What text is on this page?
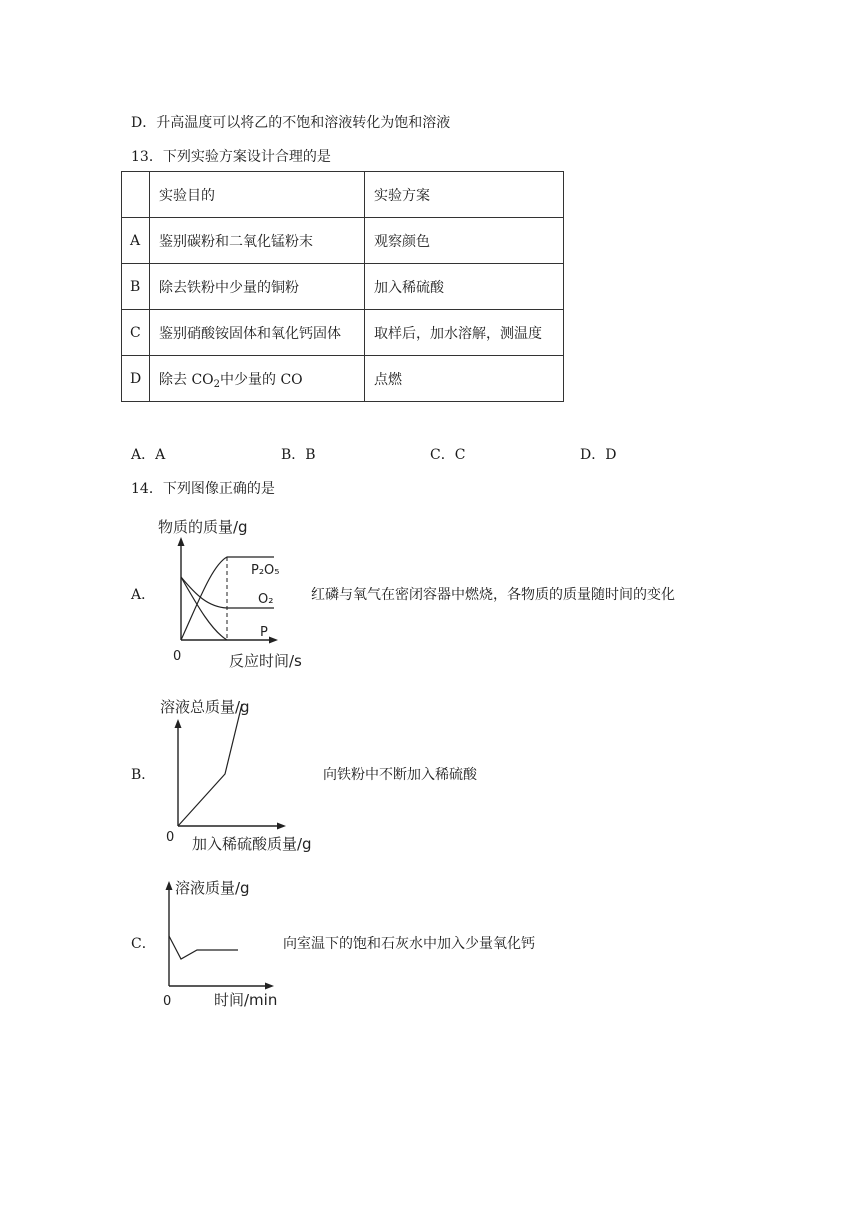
D．升高温度可以将乙的不饱和溶液转化为饱和溶液
13．下列实验方案设计合理的是
	实验目的	实验方案
A	鉴别碳粉和二氧化锰粉末	观察颜色
B	除去铁粉中少量的铜粉	加入稀硫酸
C	鉴别硝酸铵固体和氧化钙固体	取样后，加水溶解，测温度
D	除去 $CO_2$中少量的 CO	点燃
A．A	B．B	C．C	D．D
14．下列图像正确的是
A．
物质的质量/g
P₂O₅
O₂
P
0	反应时间/s
红磷与氧气在密闭容器中燃烧，各物质的质量随时间的变化
B．
溶液总质量/g
0 加入稀硫酸质量/g
向铁粉中不断加入稀硫酸
C．
溶液质量/g
0	时间/min
向室温下的饱和石灰水中加入少量氧化钙
